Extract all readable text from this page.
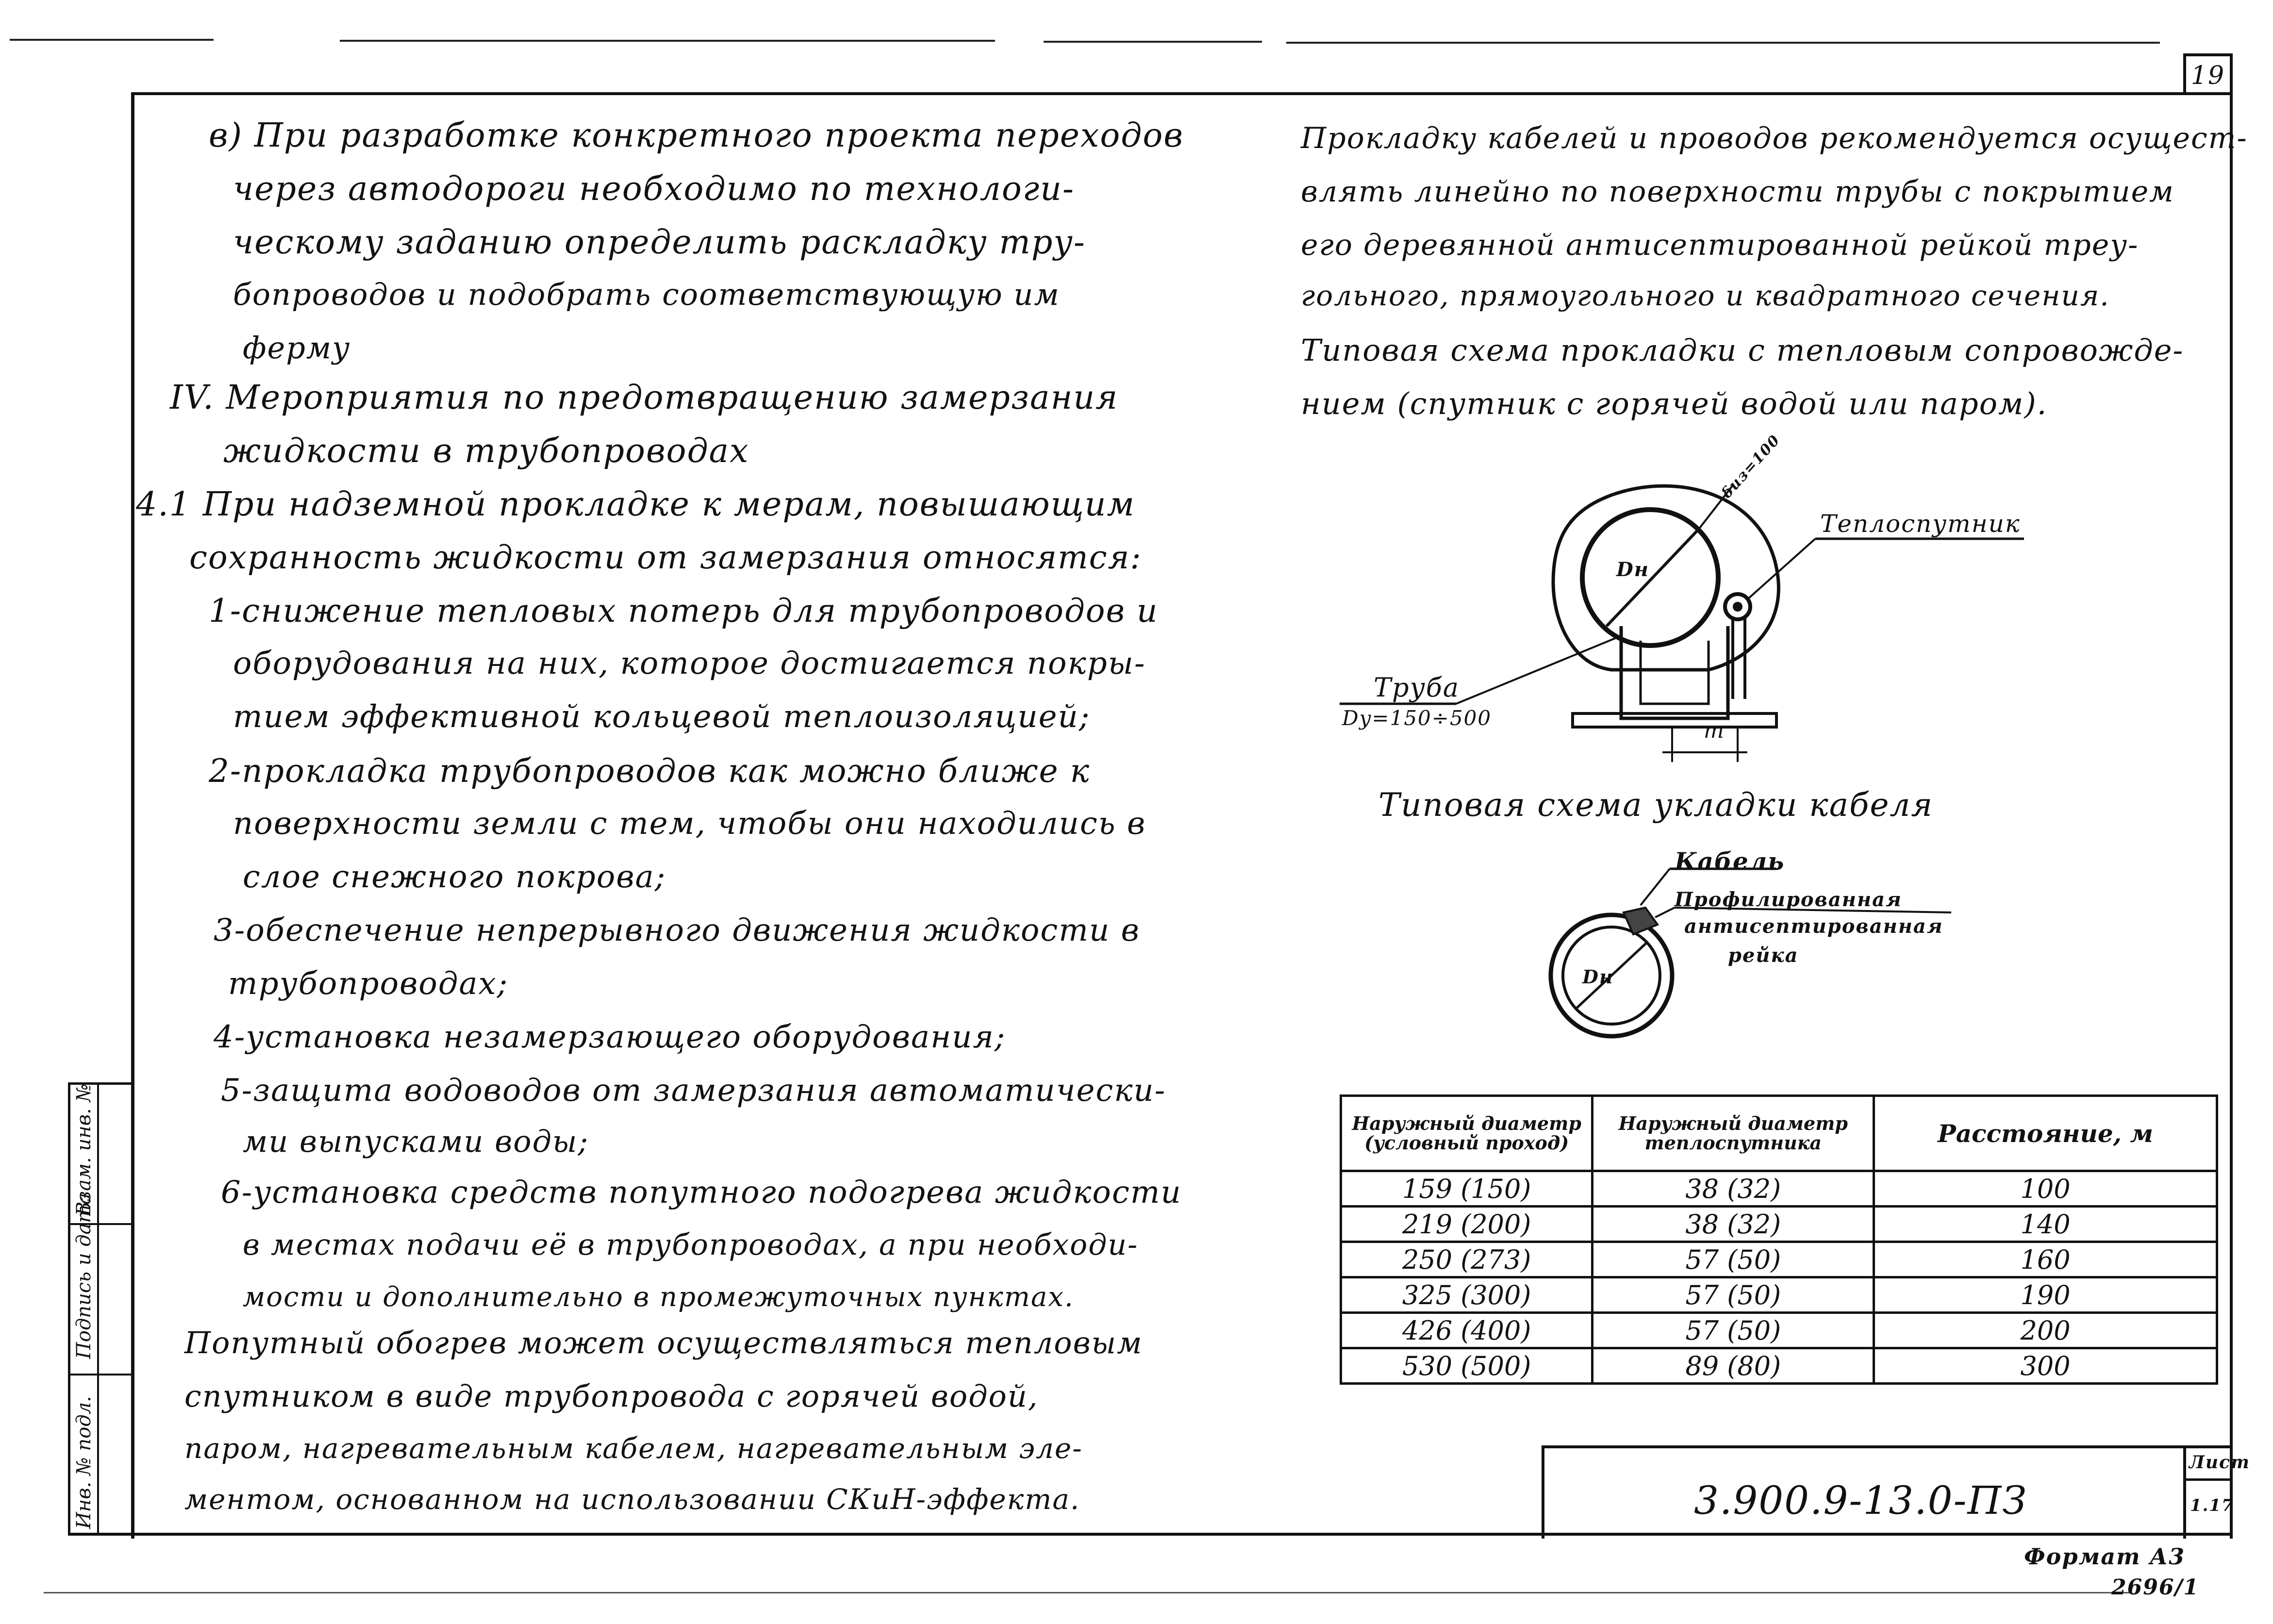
19
Инв. № подл.
Подпись и дата
Взам. инв. №
в) При разработке конкретного проекта переходов
через автодороги необходимо по технологи-
ческому заданию определить раскладку тру-
бопроводов и подобрать соответствующую им
ферму
IV. Мероприятия по предотвращению замерзания
жидкости в трубопроводах
4.1 При надземной прокладке к мерам, повышающим
сохранность жидкости от замерзания относятся:
1-снижение тепловых потерь для трубопроводов и
оборудования на них, которое достигается покры-
тием эффективной кольцевой теплоизоляцией;
2-прокладка трубопроводов как можно ближе к
поверхности земли с тем, чтобы они находились в
слое снежного покрова;
3-обеспечение непрерывного движения жидкости в
трубопроводах;
4-установка незамерзающего оборудования;
5-защита водоводов от замерзания автоматически-
ми выпусками воды;
6-установка средств попутного подогрева жидкости
в местах подачи её в трубопроводах, а при необходи-
мости и дополнительно в промежуточных пунктах.
Попутный обогрев может осуществляться тепловым
спутником в виде трубопровода с горячей водой,
паром, нагревательным кабелем, нагревательным эле-
ментом, основанном на использовании СКиН-эффекта.
Прокладку кабелей и проводов рекомендуется осущест-
влять линейно по поверхности трубы с покрытием
его деревянной антисептированной рейкой треу-
гольного, прямоугольного и квадратного сечения.
Типовая схема прокладки с тепловым сопровожде-
нием (спутник с горячей водой или паром).
Теплоспутник
Труба
Dy=150÷500
Dн
δиз=100
m
Типовая схема укладки кабеля
Кабель
Профилированная
антисептированная
рейка
Dн
Наружный диаметр (условный проход)	Наружный диаметр теплоспутника	Расстояние, м
159 (150)	38 (32)	100
219 (200)	38 (32)	140
250 (273)	57 (50)	160
325 (300)	57 (50)	190
426 (400)	57 (50)	200
530 (500)	89 (80)	300
3.900.9-13.0-ПЗ
Лист
1.17
Формат А3
2696/1
